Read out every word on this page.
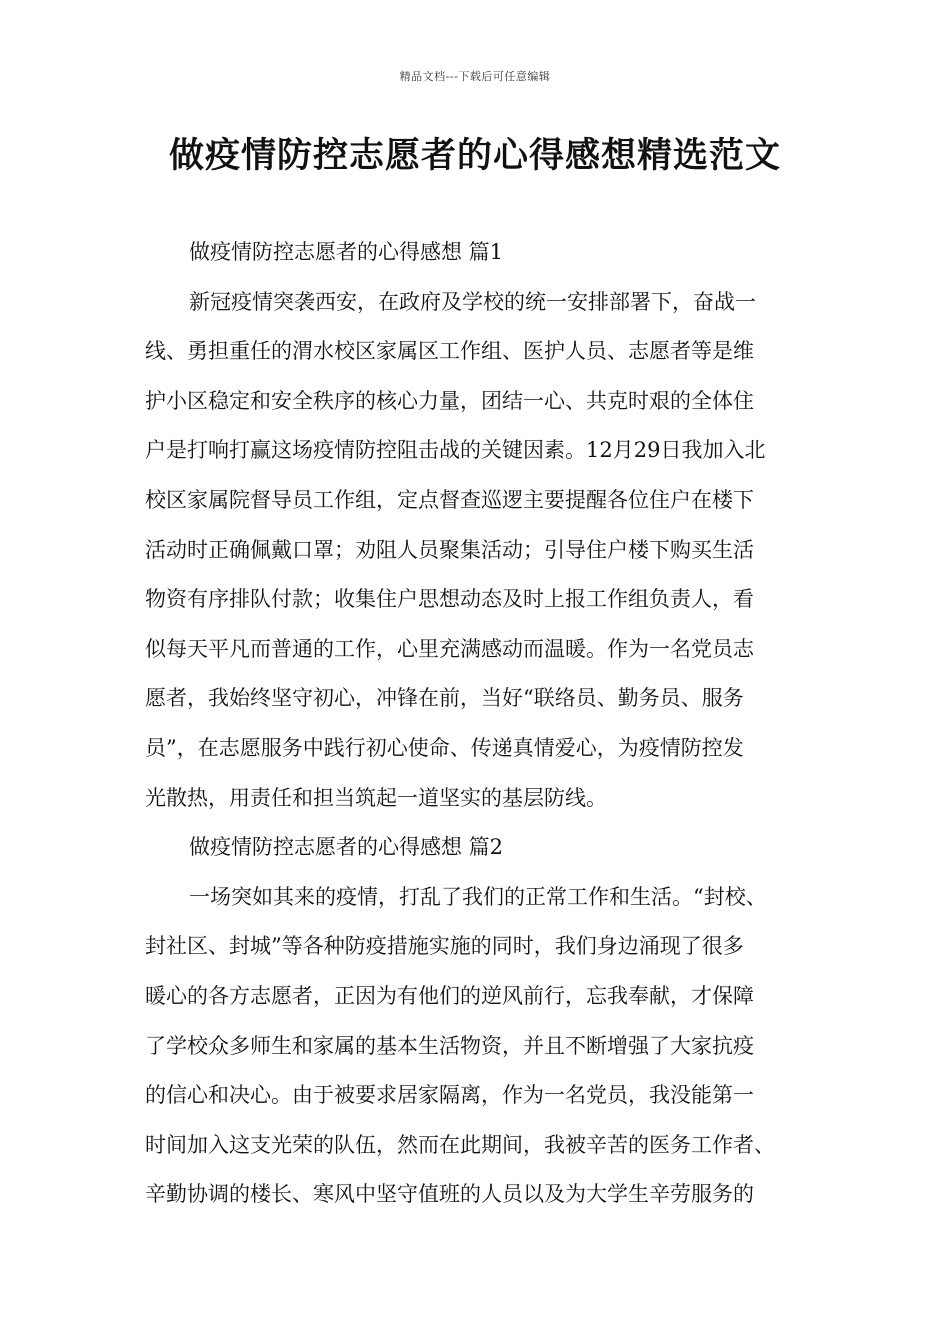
精品文档---下载后可任意编辑
做疫情防控志愿者的心得感想精选范文

做疫情防控志愿者的心得感想 篇1

新冠疫情突袭西安，在政府及学校的统一安排部署下，奋战一
线、勇担重任的渭水校区家属区工作组、医护人员、志愿者等是维
护小区稳定和安全秩序的核心力量，团结一心、共克时艰的全体住
户是打响打赢这场疫情防控阻击战的关键因素。12月29日我加入北
校区家属院督导员工作组，定点督查巡逻主要提醒各位住户在楼下
活动时正确佩戴口罩；劝阻人员聚集活动；引导住户楼下购买生活
物资有序排队付款；收集住户思想动态及时上报工作组负责人，看
似每天平凡而普通的工作，心里充满感动而温暖。作为一名党员志
愿者，我始终坚守初心，冲锋在前，当好“联络员、勤务员、服务
员”，在志愿服务中践行初心使命、传递真情爱心，为疫情防控发
光散热，用责任和担当筑起一道坚实的基层防线。

做疫情防控志愿者的心得感想 篇2

一场突如其来的疫情，打乱了我们的正常工作和生活。“封校、
封社区、封城”等各种防疫措施实施的同时，我们身边涌现了很多
暖心的各方志愿者，正因为有他们的逆风前行，忘我奉献，才保障
了学校众多师生和家属的基本生活物资，并且不断增强了大家抗疫
的信心和决心。由于被要求居家隔离，作为一名党员，我没能第一
时间加入这支光荣的队伍，然而在此期间，我被辛苦的医务工作者、
辛勤协调的楼长、寒风中坚守值班的人员以及为大学生辛劳服务的
